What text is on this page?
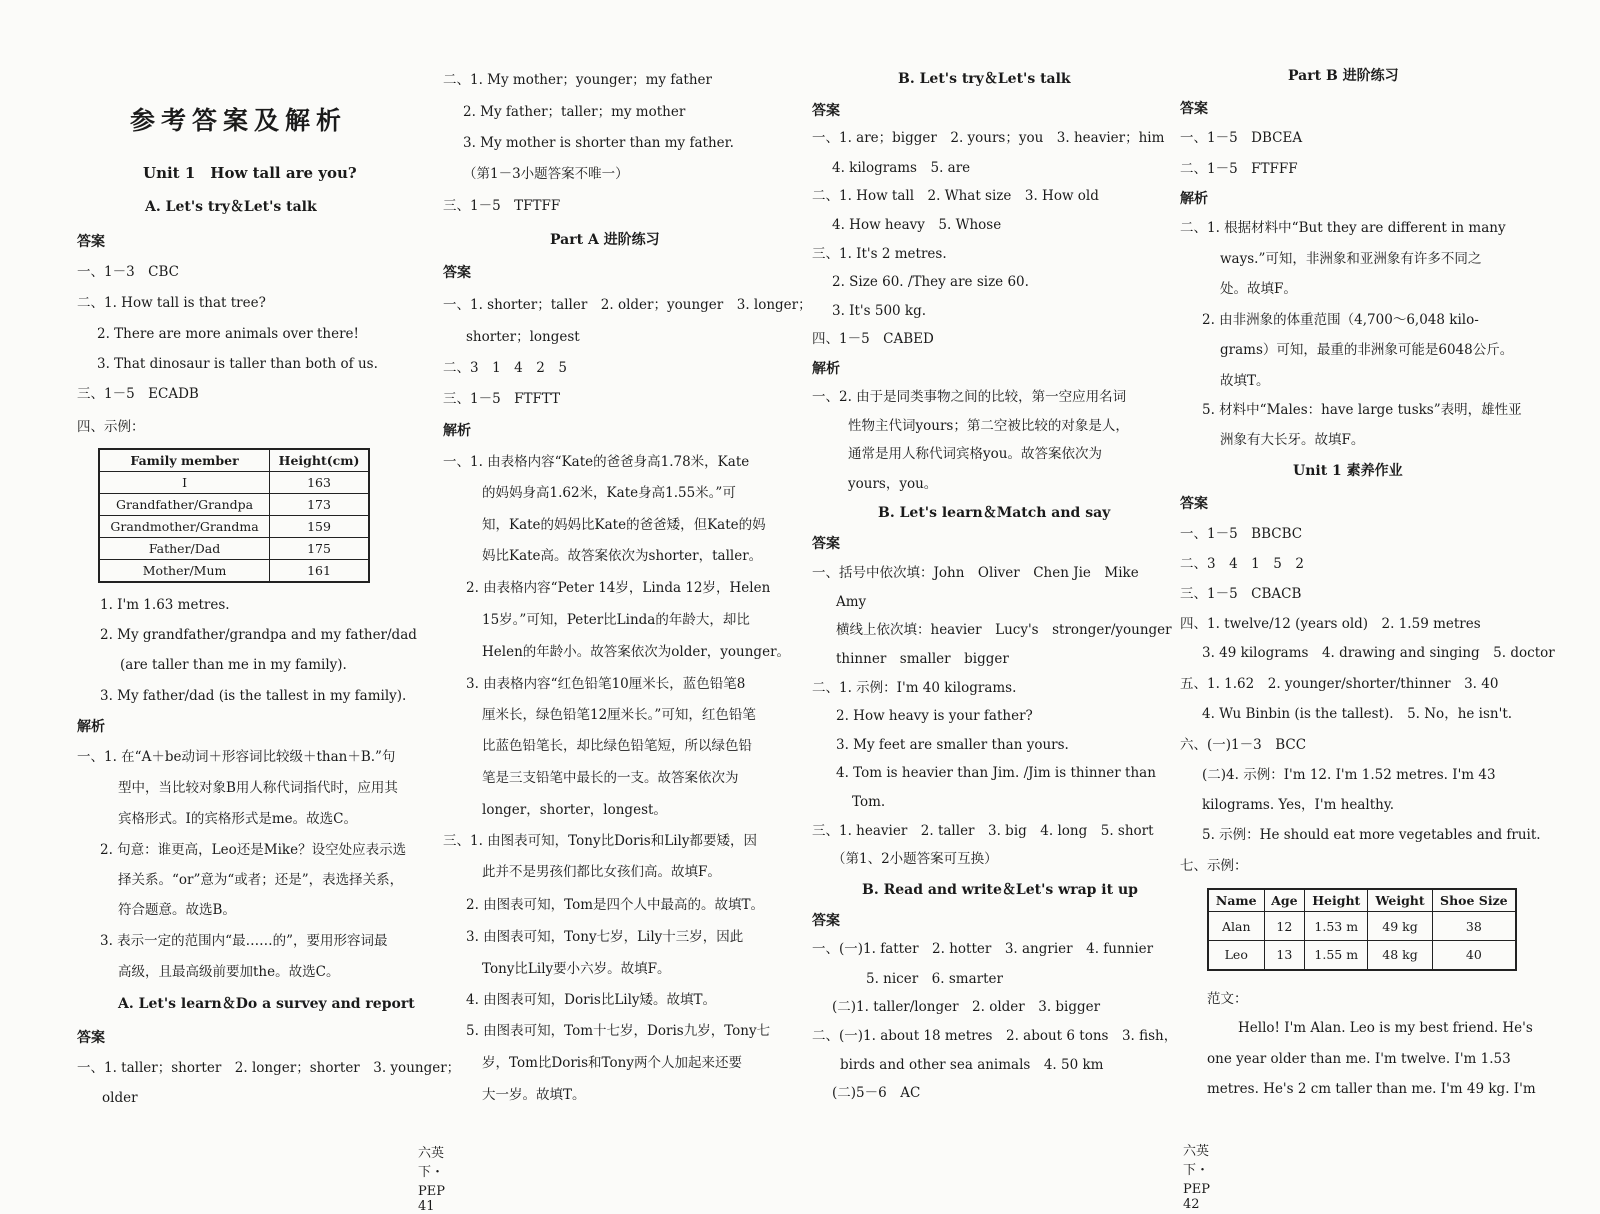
参考答案及解析
Unit 1　How tall are you?
A. Let's try＆Let's talk
答案
一、1－3　CBC
二、1. How tall is that tree?
2. There are more animals over there!
3. That dinosaur is taller than both of us.
三、1－5　ECADB
四、示例：
Family member	Height(cm)
I	163
Grandfather/Grandpa	173
Grandmother/Grandma	159
Father/Dad	175
Mother/Mum	161
1. I'm 1.63 metres.
2. My grandfather/grandpa and my father/dad
(are taller than me in my family).
3. My father/dad (is the tallest in my family).
解析
一、1. 在“A＋be动词＋形容词比较级＋than＋B.”句
型中，当比较对象B用人称代词指代时，应用其
宾格形式。I的宾格形式是me。故选C。
2. 句意：谁更高，Leo还是Mike？设空处应表示选
择关系。“or”意为“或者；还是”，表选择关系，
符合题意。故选B。
3. 表示一定的范围内“最……的”，要用形容词最
高级，且最高级前要加the。故选C。
A. Let's learn＆Do a survey and report
答案
一、1. taller；shorter　2. longer；shorter　3. younger；
older
二、1. My mother；younger；my father
2. My father；taller；my mother
3. My mother is shorter than my father.
（第1－3小题答案不唯一）
三、1－5　TFTFF
Part A 进阶练习
答案
一、1. shorter；taller　2. older；younger　3. longer；
shorter；longest
二、3　1　4　2　5
三、1－5　FTFTT
解析
一、1. 由表格内容“Kate的爸爸身高1.78米，Kate
的妈妈身高1.62米，Kate身高1.55米。”可
知，Kate的妈妈比Kate的爸爸矮，但Kate的妈
妈比Kate高。故答案依次为shorter，taller。
2. 由表格内容“Peter 14岁，Linda 12岁，Helen
15岁。”可知，Peter比Linda的年龄大，却比
Helen的年龄小。故答案依次为older，younger。
3. 由表格内容“红色铅笔10厘米长，蓝色铅笔8
厘米长，绿色铅笔12厘米长。”可知，红色铅笔
比蓝色铅笔长，却比绿色铅笔短，所以绿色铅
笔是三支铅笔中最长的一支。故答案依次为
longer，shorter，longest。
三、1. 由图表可知，Tony比Doris和Lily都要矮，因
此并不是男孩们都比女孩们高。故填F。
2. 由图表可知，Tom是四个人中最高的。故填T。
3. 由图表可知，Tony七岁，Lily十三岁，因此
Tony比Lily要小六岁。故填F。
4. 由图表可知，Doris比Lily矮。故填T。
5. 由图表可知，Tom十七岁，Doris九岁，Tony七
岁，Tom比Doris和Tony两个人加起来还要
大一岁。故填T。
六英下・PEP　41
B. Let's try＆Let's talk
答案
一、1. are；bigger　2. yours；you　3. heavier；him
4. kilograms　5. are
二、1. How tall　2. What size　3. How old
4. How heavy　5. Whose
三、1. It's 2 metres.
2. Size 60. /They are size 60.
3. It's 500 kg.
四、1－5　CABED
解析
一、2. 由于是同类事物之间的比较，第一空应用名词
性物主代词yours；第二空被比较的对象是人，
通常是用人称代词宾格you。故答案依次为
yours，you。
B. Let's learn＆Match and say
答案
一、括号中依次填：John　Oliver　Chen Jie　Mike
Amy
横线上依次填：heavier　Lucy's　stronger/younger
thinner　smaller　bigger
二、1. 示例：I'm 40 kilograms.
2. How heavy is your father?
3. My feet are smaller than yours.
4. Tom is heavier than Jim. /Jim is thinner than
Tom.
三、1. heavier　2. taller　3. big　4. long　5. short
（第1、2小题答案可互换）
B. Read and write＆Let's wrap it up
答案
一、(一)1. fatter　2. hotter　3. angrier　4. funnier
5. nicer　6. smarter
(二)1. taller/longer　2. older　3. bigger
二、(一)1. about 18 metres　2. about 6 tons　3. fish，
birds and other sea animals　4. 50 km
(二)5－6　AC
Part B 进阶练习
答案
一、1－5　DBCEA
二、1－5　FTFFF
解析
二、1. 根据材料中“But they are different in many
ways.”可知，非洲象和亚洲象有许多不同之
处。故填F。
2. 由非洲象的体重范围（4,700～6,048 kilo-
grams）可知，最重的非洲象可能是6048公斤。
故填T。
5. 材料中“Males：have large tusks”表明，雄性亚
洲象有大长牙。故填F。
Unit 1 素养作业
答案
一、1－5　BBCBC
二、3　4　1　5　2
三、1－5　CBACB
四、1. twelve/12 (years old)　2. 1.59 metres
3. 49 kilograms　4. drawing and singing　5. doctor
五、1. 1.62　2. younger/shorter/thinner　3. 40
4. Wu Binbin (is the tallest).　5. No，he isn't.
六、(一)1－3　BCC
(二)4. 示例：I'm 12. I'm 1.52 metres. I'm 43
kilograms. Yes，I'm healthy.
5. 示例：He should eat more vegetables and fruit.
七、示例：
Name	Age	Height	Weight	Shoe Size
Alan	12	1.53 m	49 kg	38
Leo	13	1.55 m	48 kg	40
范文：
Hello! I'm Alan. Leo is my best friend. He's
one year older than me. I'm twelve. I'm 1.53
metres. He's 2 cm taller than me. I'm 49 kg. I'm
六英下・PEP　42
